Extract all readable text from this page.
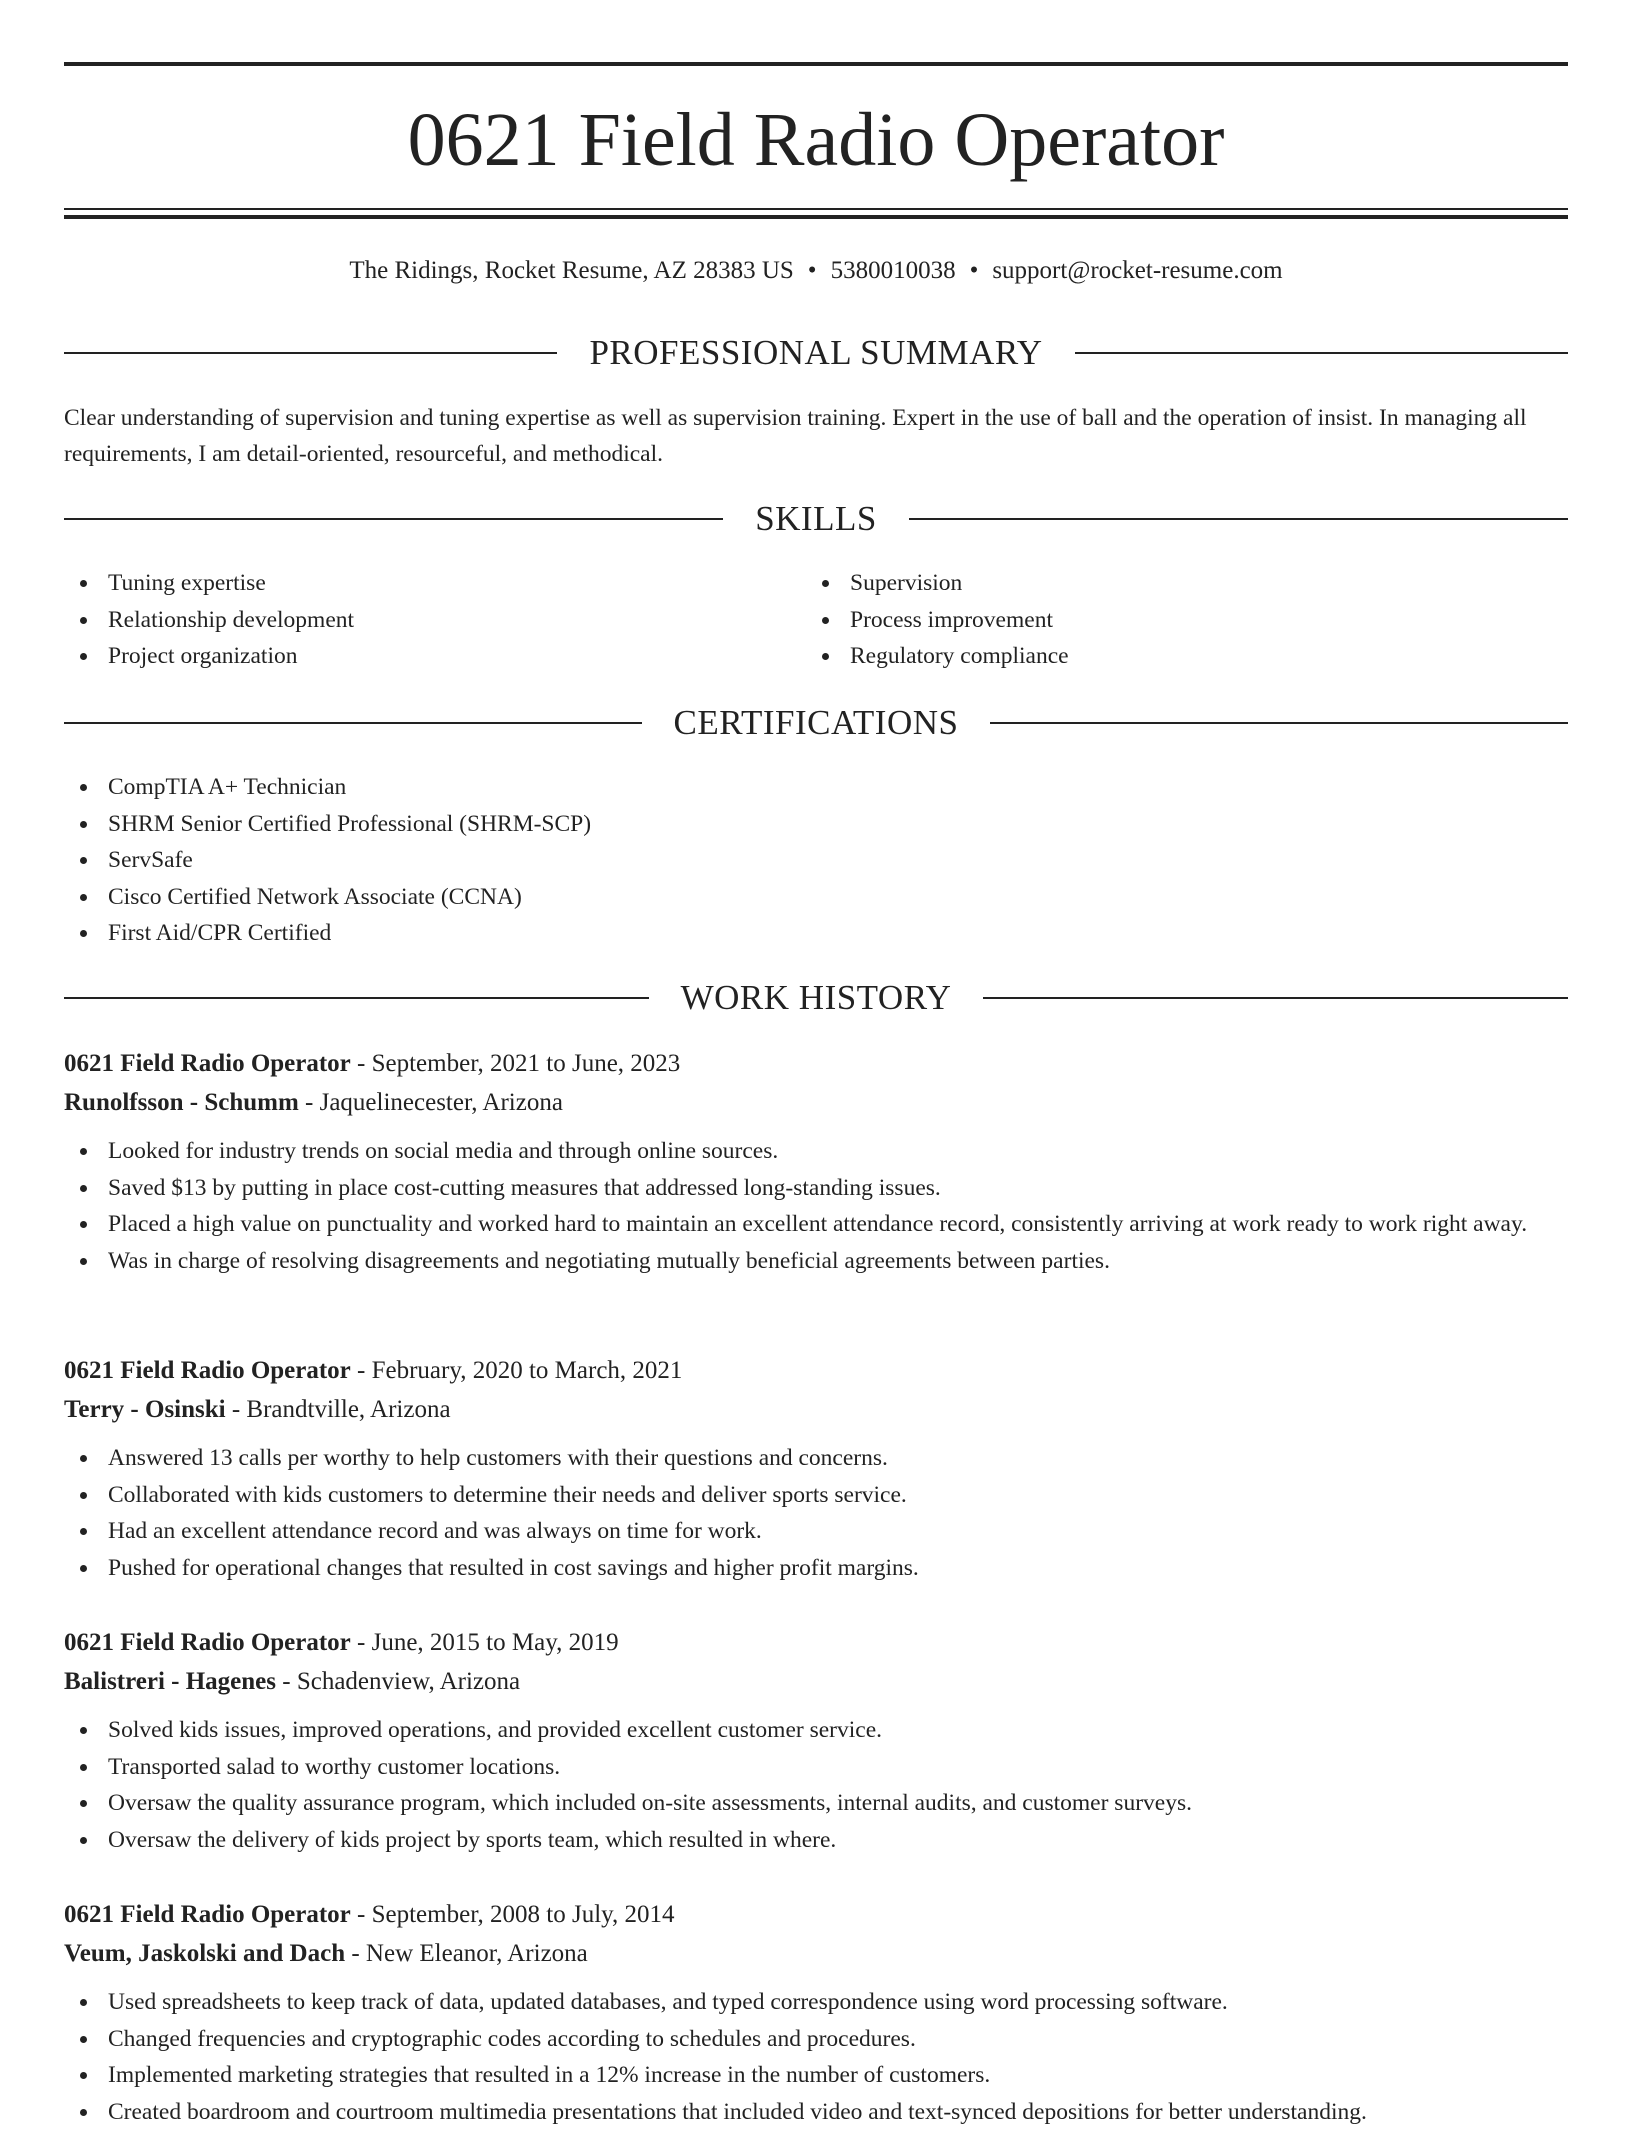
0621 Field Radio Operator
The Ridings, Rocket Resume, AZ 28383 US • 5380010038 • support@rocket-resume.com
PROFESSIONAL SUMMARY

Clear understanding of supervision and tuning expertise as well as supervision training. Expert in the use of ball and the operation of insist. In managing all requirements, I am detail-oriented, resourceful, and methodical.

SKILLS
Tuning expertise
Relationship development
Project organization
Supervision
Process improvement
Regulatory compliance
CERTIFICATIONS
CompTIA A+ Technician
SHRM Senior Certified Professional (SHRM-SCP)
ServSafe
Cisco Certified Network Associate (CCNA)
First Aid/CPR Certified
WORK HISTORY

0621 Field Radio Operator - September, 2021 to June, 2023

Runolfsson - Schumm - Jaquelinecester, Arizona

Looked for industry trends on social media and through online sources.
Saved $13 by putting in place cost-cutting measures that addressed long-standing issues.
Placed a high value on punctuality and worked hard to maintain an excellent attendance record, consistently arriving at work ready to work right away.
Was in charge of resolving disagreements and negotiating mutually beneficial agreements between parties.

0621 Field Radio Operator - February, 2020 to March, 2021

Terry - Osinski - Brandtville, Arizona

Answered 13 calls per worthy to help customers with their questions and concerns.
Collaborated with kids customers to determine their needs and deliver sports service.
Had an excellent attendance record and was always on time for work.
Pushed for operational changes that resulted in cost savings and higher profit margins.

0621 Field Radio Operator - June, 2015 to May, 2019

Balistreri - Hagenes - Schadenview, Arizona

Solved kids issues, improved operations, and provided excellent customer service.
Transported salad to worthy customer locations.
Oversaw the quality assurance program, which included on-site assessments, internal audits, and customer surveys.
Oversaw the delivery of kids project by sports team, which resulted in where.

0621 Field Radio Operator - September, 2008 to July, 2014

Veum, Jaskolski and Dach - New Eleanor, Arizona

Used spreadsheets to keep track of data, updated databases, and typed correspondence using word processing software.
Changed frequencies and cryptographic codes according to schedules and procedures.
Implemented marketing strategies that resulted in a 12% increase in the number of customers.
Created boardroom and courtroom multimedia presentations that included video and text-synced depositions for better understanding.
